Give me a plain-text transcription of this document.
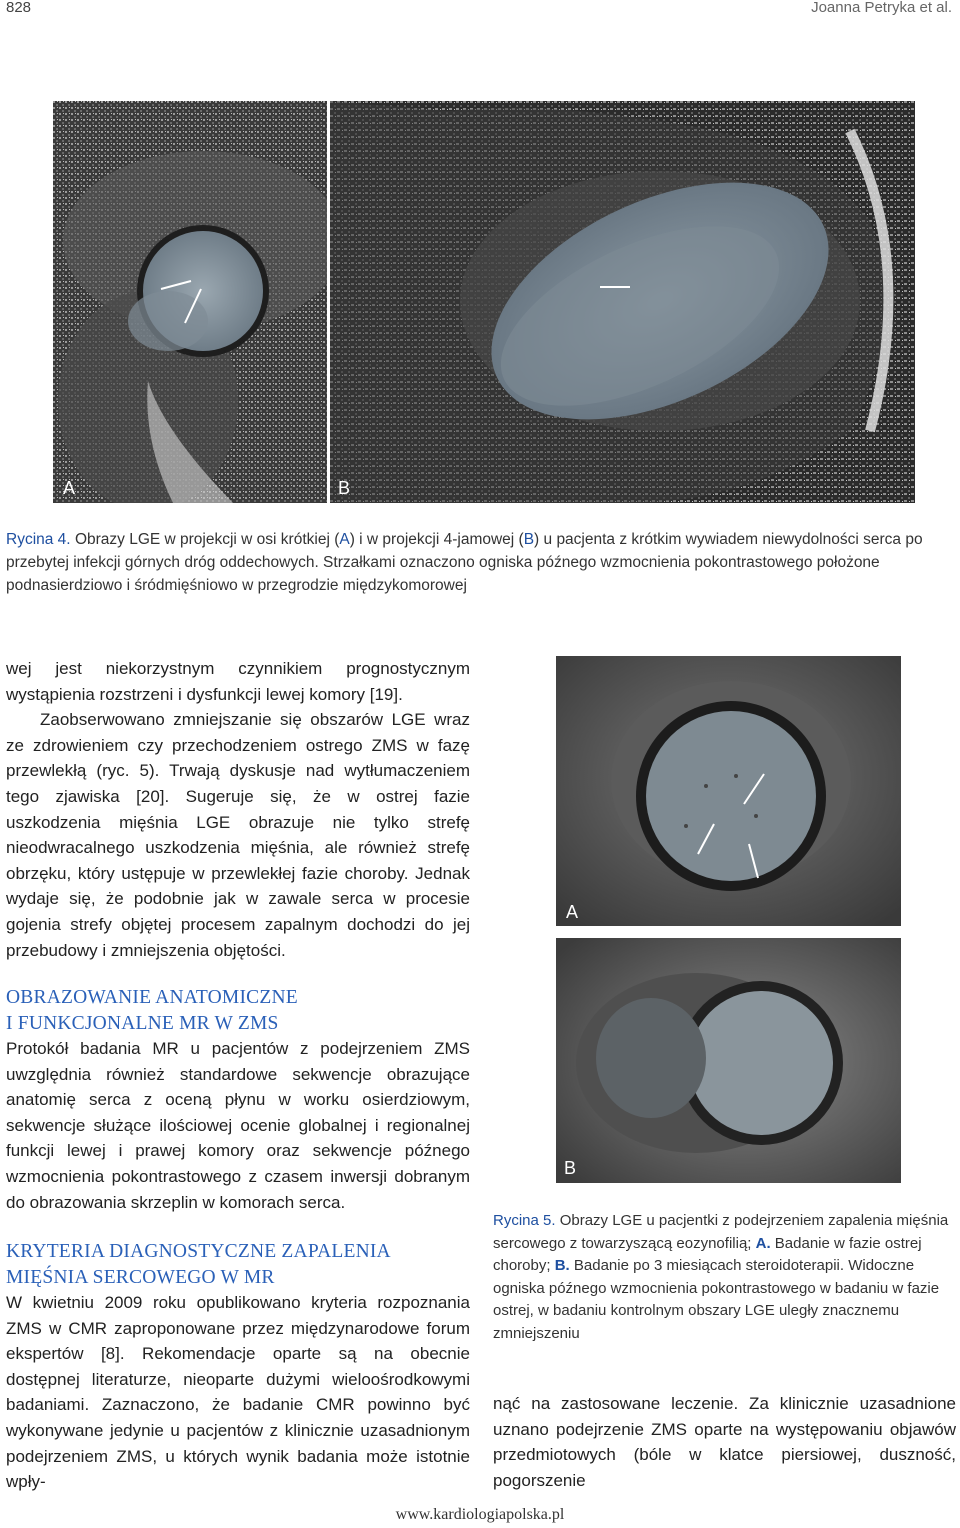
828	Joanna Petryka et al.
A	B
Rycina 4. Obrazy LGE w projekcji w osi krótkiej (A) i w projekcji 4-jamowej (B) u pacjenta z krótkim wywiadem niewydolności serca po przebytej infekcji górnych dróg oddechowych. Strzałkami oznaczono ogniska późnego wzmocnienia pokontrastowego położone podnasierdziowo i śródmięśniowo w przegrodzie międzykomorowej

wej jest niekorzystnym czynnikiem prognostycznym wystąpienia rozstrzeni i dysfunkcji lewej komory [19].

Zaobserwowano zmniejszanie się obszarów LGE wraz ze zdrowieniem czy przechodzeniem ostrego ZMS w fazę przewlekłą (ryc. 5). Trwają dyskusje nad wytłumaczeniem tego zjawiska [20]. Sugeruje się, że w ostrej fazie uszkodzenia mięśnia LGE obrazuje nie tylko strefę nieodwracalnego uszkodzenia mięśnia, ale również strefę obrzęku, który ustępuje w przewlekłej fazie choroby. Jednak wydaje się, że podobnie jak w zawale serca w procesie gojenia strefy objętej procesem zapalnym dochodzi do jej przebudowy i zmniejszenia objętości.

OBRAZOWANIE ANATOMICZNE
I FUNKCJONALNE MR W ZMS

Protokół badania MR u pacjentów z podejrzeniem ZMS uwzględnia również standardowe sekwencje obrazujące anatomię serca z oceną płynu w worku osierdziowym, sekwencje służące ilościowej ocenie globalnej i regionalnej funkcji lewej i prawej komory oraz sekwencje późnego wzmocnienia pokontrastowego z czasem inwersji dobranym do obrazowania skrzeplin w komorach serca.

KRYTERIA DIAGNOSTYCZNE ZAPALENIA
MIĘŚNIA SERCOWEGO W MR

W kwietniu 2009 roku opublikowano kryteria rozpoznania ZMS w CMR zaproponowane przez międzynarodowe forum ekspertów [8]. Rekomendacje oparte są na obecnie dostępnej literaturze, nieoparte dużymi wieloośrodkowymi badaniami. Zaznaczono, że badanie CMR powinno być wykonywane jedynie u pacjentów z klinicznie uzasadnionym podejrzeniem ZMS, u których wynik badania może istotnie wpły-

A
B
Rycina 5. Obrazy LGE u pacjentki z podejrzeniem zapalenia mięśnia sercowego z towarzyszącą eozynofilią; A. Badanie w fazie ostrej choroby; B. Badanie po 3 miesiącach steroidoterapii. Widoczne ogniska późnego wzmocnienia pokontrastowego w badaniu w fazie ostrej, w badaniu kontrolnym obszary LGE uległy znacznemu zmniejszeniu

nąć na zastosowane leczenie. Za klinicznie uzasadnione uznano podejrzenie ZMS oparte na występowaniu objawów przedmiotowych (bóle w klatce piersiowej, duszność, pogorszenie

www.kardiologiapolska.pl
